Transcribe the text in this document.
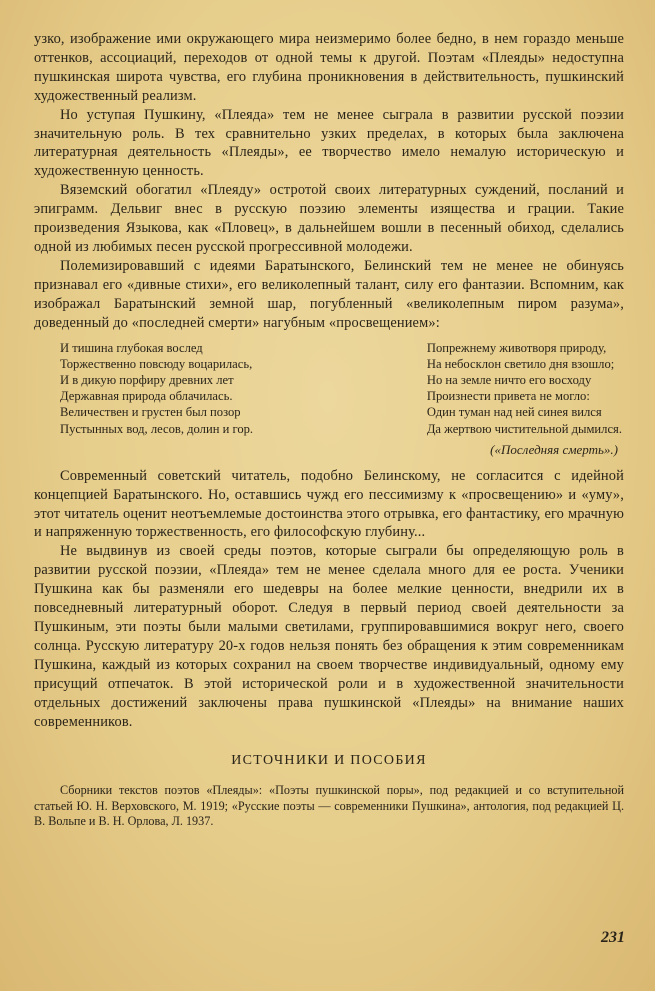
узко, изображение ими окружающего мира неизмеримо более бедно, в нем гораздо меньше оттенков, ассоциаций, переходов от одной темы к другой. Поэтам «Плеяды» недоступна пушкинская широта чувства, его глубина проникновения в действительность, пушкинский художественный реализм.

Но уступая Пушкину, «Плеяда» тем не менее сыграла в развитии русской поэзии значительную роль. В тех сравнительно узких пределах, в которых была заключена литературная деятельность «Плеяды», ее творчество имело немалую историческую и художественную ценность.

Вяземский обогатил «Плеяду» остротой своих литературных суждений, посланий и эпиграмм. Дельвиг внес в русскую поэзию элементы изящества и грации. Такие произведения Языкова, как «Пловец», в дальнейшем вошли в песенный обиход, сделались одной из любимых песен русской прогрессивной молодежи.

Полемизировавший с идеями Баратынского, Белинский тем не менее не обинуясь признавал его «дивные стихи», его великолепный талант, силу его фантазии. Вспомним, как изображал Баратынский земной шар, погубленный «великолепным пиром разума», доведенный до «последней смерти» нагубным «просвещением»:

И тишина глубокая вослед
Торжественно повсюду воцарилась,
И в дикую порфиру древних лет
Державная природа облачилась.
Величествен и грустен был позор
Пустынных вод, лесов, долин и гор.
Попрежнему животворя природу,
На небосклон светило дня взошло;
Но на земле ничто его восходу
Произнести привета не могло:
Один туман над ней синея вился
Да жертвою чистительной дымился.
(«Последняя смерть».)

Современный советский читатель, подобно Белинскому, не согласится с идейной концепцией Баратынского. Но, оставшись чужд его пессимизму к «просвещению» и «уму», этот читатель оценит неотъемлемые достоинства этого отрывка, его фантастику, его мрачную и напряженную торжественность, его философскую глубину...

Не выдвинув из своей среды поэтов, которые сыграли бы определяющую роль в развитии русской поэзии, «Плеяда» тем не менее сделала много для ее роста. Ученики Пушкина как бы разменяли его шедевры на более мелкие ценности, внедрили их в повседневный литературный оборот. Следуя в первый период своей деятельности за Пушкиным, эти поэты были малыми светилами, группировавшимися вокруг него, своего солнца. Русскую литературу 20-х годов нельзя понять без обращения к этим современникам Пушкина, каждый из которых сохранил на своем творчестве индивидуальный, одному ему присущий отпечаток. В этой исторической роли и в художественной значительности отдельных достижений заключены права пушкинской «Плеяды» на внимание наших современников.

ИСТОЧНИКИ И ПОСОБИЯ

Сборники текстов поэтов «Плеяды»: «Поэты пушкинской поры», под редакцией и со вступительной статьей Ю. Н. Верховского, М. 1919; «Русские поэты — современники Пушкина», антология, под редакцией Ц. В. Вольпе и В. Н. Орлова, Л. 1937.

231
